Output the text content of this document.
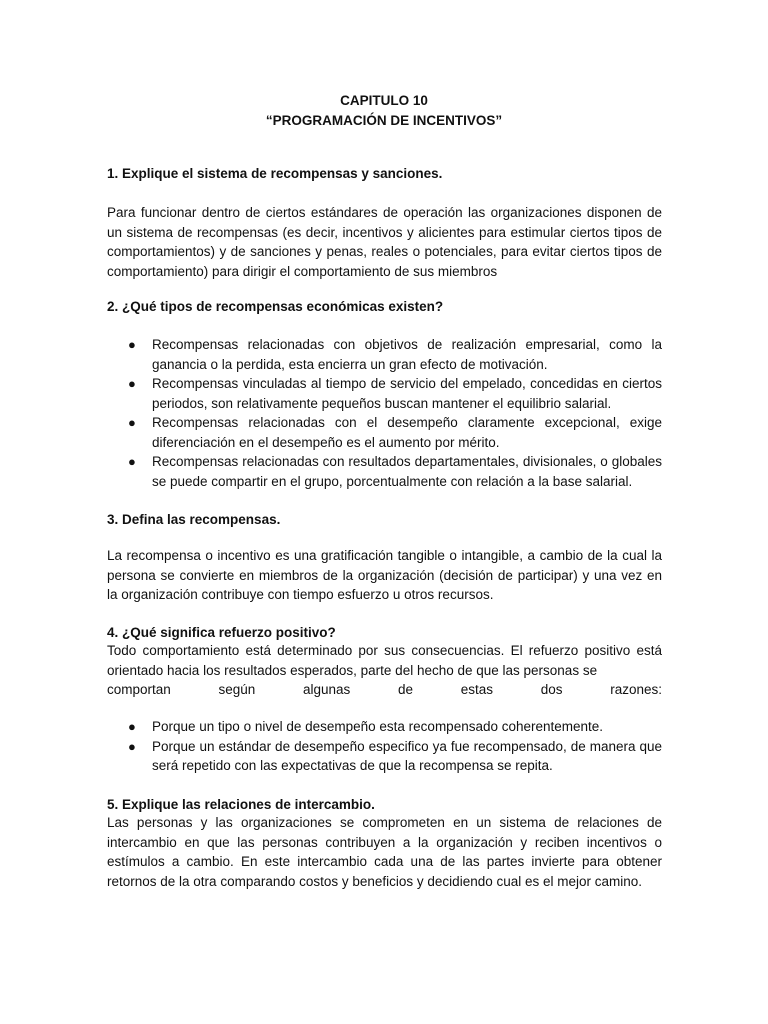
CAPITULO 10
“PROGRAMACIÓN DE INCENTIVOS”
1. Explique el sistema de recompensas y sanciones.
Para funcionar dentro de ciertos estándares de operación las organizaciones disponen de un sistema de recompensas (es decir, incentivos y alicientes para estimular ciertos tipos de comportamientos) y de sanciones y penas, reales o potenciales, para evitar ciertos tipos de comportamiento) para dirigir el comportamiento de sus miembros
2. ¿Qué tipos de recompensas económicas existen?
● Recompensas relacionadas con objetivos de realización empresarial, como la ganancia o la perdida, esta encierra un gran efecto de motivación.
● Recompensas vinculadas al tiempo de servicio del empelado, concedidas en ciertos periodos, son relativamente pequeños buscan mantener el equilibrio salarial.
● Recompensas relacionadas con el desempeño claramente excepcional, exige diferenciación en el desempeño es el aumento por mérito.
● Recompensas relacionadas con resultados departamentales, divisionales, o globales se puede compartir en el grupo, porcentualmente con relación a la base salarial.
3. Defina las recompensas.
La recompensa o incentivo es una gratificación tangible o intangible, a cambio de la cual la persona se convierte en miembros de la organización (decisión de participar) y una vez en la organización contribuye con tiempo esfuerzo u otros recursos.
4. ¿Qué significa refuerzo positivo?
Todo comportamiento está determinado por sus consecuencias. El refuerzo positivo está orientado hacia los resultados esperados, parte del hecho de que las personas se
comportan	según	algunas	de	estas	dos	razones:
● Porque un tipo o nivel de desempeño esta recompensado coherentemente.
● Porque un estándar de desempeño especifico ya fue recompensado, de manera que será repetido con las expectativas de que la recompensa se repita.
5. Explique las relaciones de intercambio.
Las personas y las organizaciones se comprometen en un sistema de relaciones de intercambio en que las personas contribuyen a la organización y reciben incentivos o estímulos a cambio. En este intercambio cada una de las partes invierte para obtener retornos de la otra comparando costos y beneficios y decidiendo cual es el mejor camino.
